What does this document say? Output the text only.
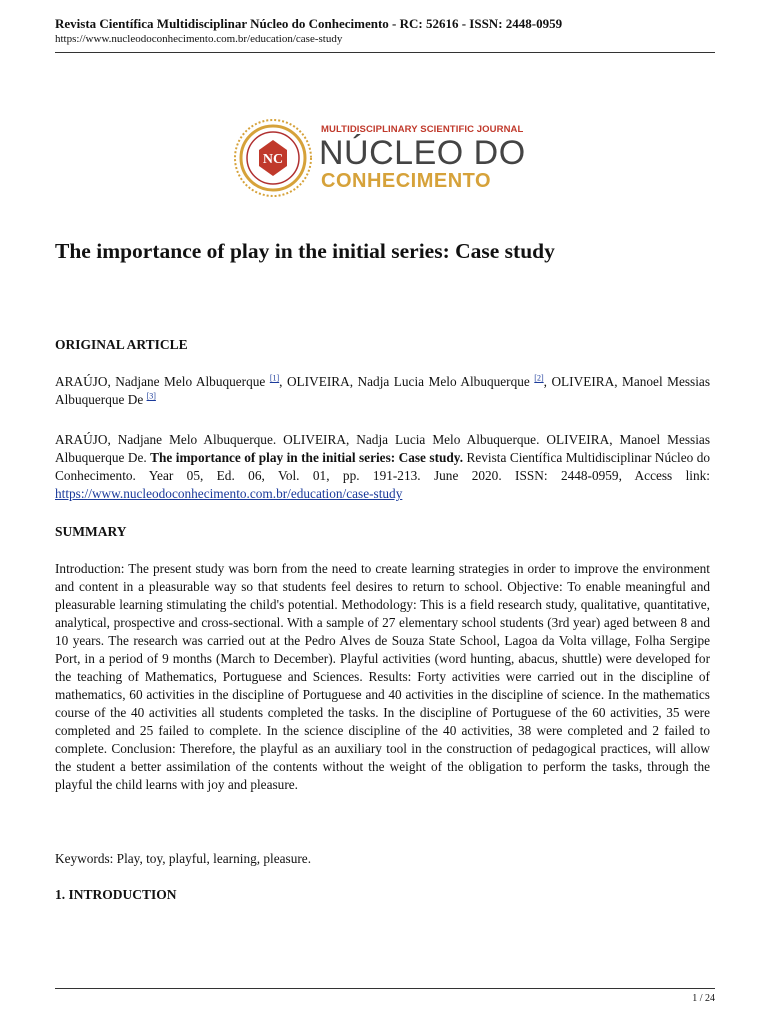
Revista Científica Multidisciplinar Núcleo do Conhecimento - RC: 52616 - ISSN: 2448-0959
https://www.nucleodoconhecimento.com.br/education/case-study
NC
MULTIDISCIPLINARY SCIENTIFIC JOURNAL
NÚCLEO DO
CONHECIMENTO
The importance of play in the initial series: Case study
ORIGINAL ARTICLE
ARAÚJO, Nadjane Melo Albuquerque [1], OLIVEIRA, Nadja Lucia Melo Albuquerque [2], OLIVEIRA, Manoel Messias Albuquerque De [3]
ARAÚJO, Nadjane Melo Albuquerque. OLIVEIRA, Nadja Lucia Melo Albuquerque. OLIVEIRA, Manoel Messias Albuquerque De. The importance of play in the initial series: Case study. Revista Científica Multidisciplinar Núcleo do Conhecimento. Year 05, Ed. 06, Vol. 01, pp. 191-213. June 2020. ISSN: 2448-0959, Access link: https://www.nucleodoconhecimento.com.br/education/case-study
SUMMARY
Introduction: The present study was born from the need to create learning strategies in order to improve the environment and content in a pleasurable way so that students feel desires to return to school. Objective: To enable meaningful and pleasurable learning stimulating the child's potential. Methodology: This is a field research study, qualitative, quantitative, analytical, prospective and cross-sectional. With a sample of 27 elementary school students (3rd year) aged between 8 and 10 years. The research was carried out at the Pedro Alves de Souza State School, Lagoa da Volta village, Folha Sergipe Port, in a period of 9 months (March to December). Playful activities (word hunting, abacus, shuttle) were developed for the teaching of Mathematics, Portuguese and Sciences. Results: Forty activities were carried out in the discipline of mathematics, 60 activities in the discipline of Portuguese and 40 activities in the discipline of science. In the mathematics course of the 40 activities all students completed the tasks. In the discipline of Portuguese of the 60 activities, 35 were completed and 25 failed to complete. In the science discipline of the 40 activities, 38 were completed and 2 failed to complete. Conclusion: Therefore, the playful as an auxiliary tool in the construction of pedagogical practices, will allow the student a better assimilation of the contents without the weight of the obligation to perform the tasks, through the playful the child learns with joy and pleasure.
Keywords: Play, toy, playful, learning, pleasure.
1. INTRODUCTION
1 / 24
